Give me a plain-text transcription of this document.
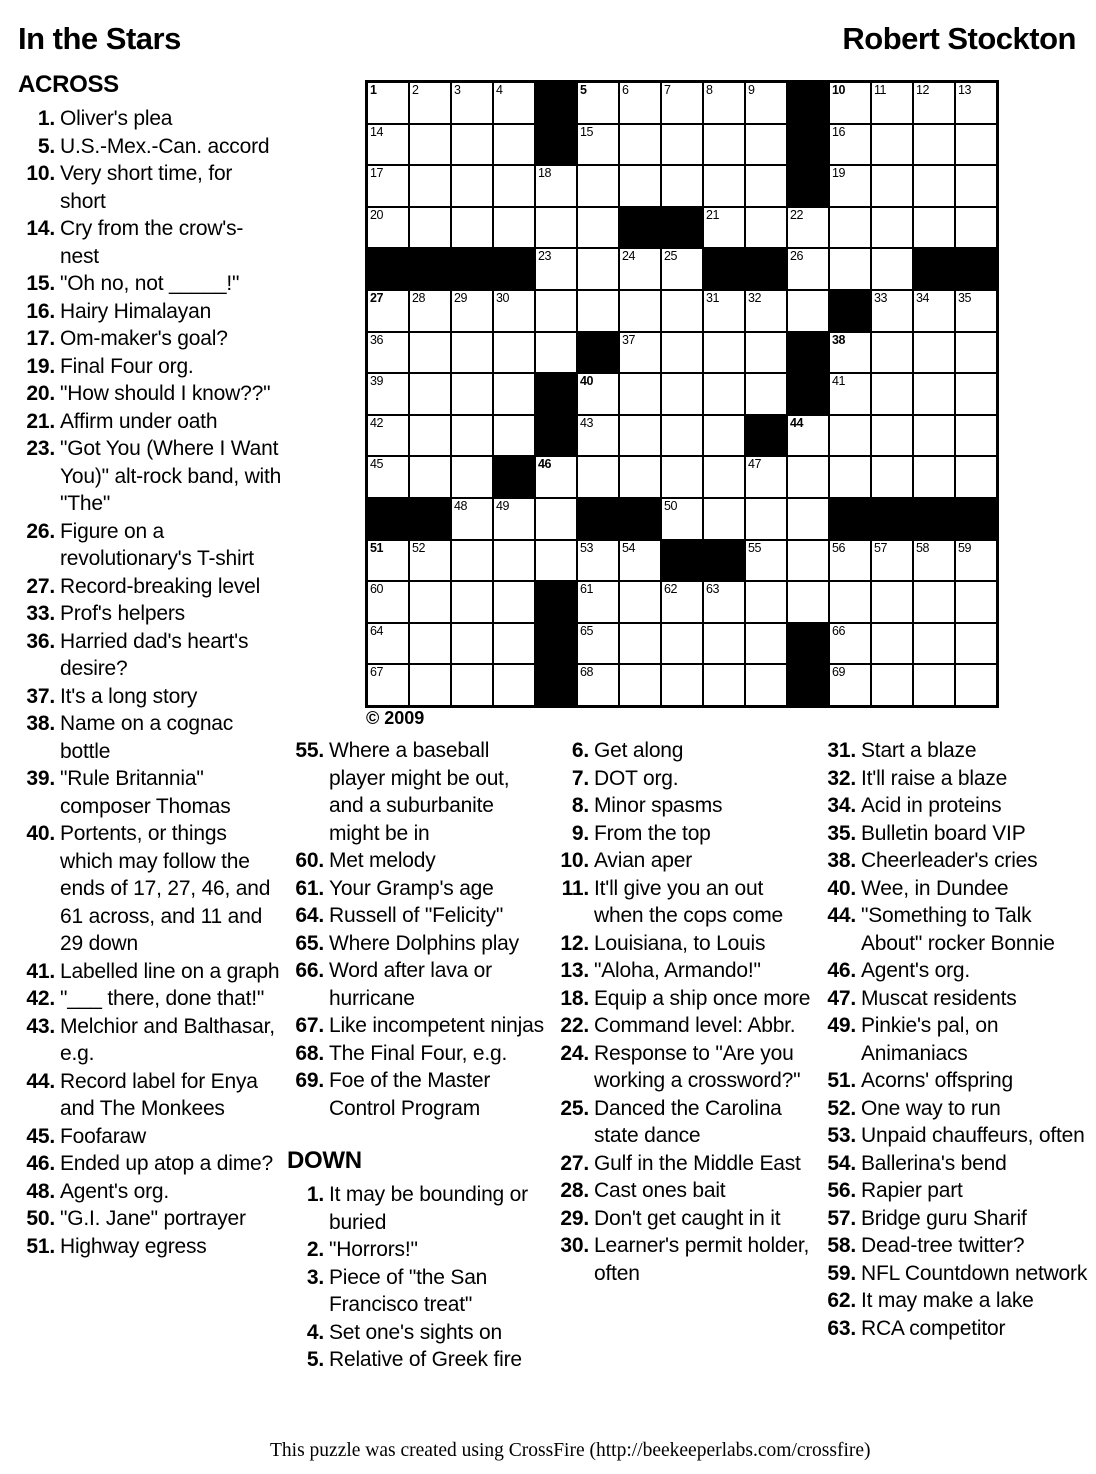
In the Stars	Robert Stockton
ACROSS
1. Oliver's plea
5. U.S.-Mex.-Can. accord
10. Very short time, for short
14. Cry from the crow's-nest
15. "Oh no, not _____!"
16. Hairy Himalayan
17. Om-maker's goal?
19. Final Four org.
20. "How should I know??"
21. Affirm under oath
23. "Got You (Where I Want You)" alt-rock band, with "The"
26. Figure on a revolutionary's T-shirt
27. Record-breaking level
33. Prof's helpers
36. Harried dad's heart's desire?
37. It's a long story
38. Name on a cognac bottle
39. "Rule Britannia" composer Thomas
40. Portents, or things which may follow the ends of 17, 27, 46, and 61 across, and 11 and 29 down
41. Labelled line on a graph
42. "___ there, done that!"
43. Melchior and Balthasar, e.g.
44. Record label for Enya and The Monkees
45. Foofaraw
46. Ended up atop a dime?
48. Agent's org.
50. "G.I. Jane" portrayer
51. Highway egress
1	2	3	4	5	6	7	8	9	10 11 12 13
14	15	16
17	18	19
20	21	22
23	24 25	26
27 28 29 30	31 32	33 34 35
36	37	38
39	40	41
42	43	44
45	46	47
48 49	50
51 52	53 54	55	56 57 58 59
60	61	62 63
64	65	66
67	68	69
© 2009
55. Where a baseball player might be out, and a suburbanite might be in
60. Met melody
61. Your Gramp's age
64. Russell of "Felicity"
65. Where Dolphins play
66. Word after lava or hurricane
67. Like incompetent ninjas
68. The Final Four, e.g.
69. Foe of the Master Control Program
DOWN
1. It may be bounding or buried
2. "Horrors!"
3. Piece of "the San Francisco treat"
4. Set one's sights on
5. Relative of Greek fire
6. Get along
7. DOT org.
8. Minor spasms
9. From the top
10. Avian aper
11. It'll give you an out when the cops come
12. Louisiana, to Louis
13. "Aloha, Armando!"
18. Equip a ship once more
22. Command level: Abbr.
24. Response to "Are you working a crossword?"
25. Danced the Carolina state dance
27. Gulf in the Middle East
28. Cast ones bait
29. Don't get caught in it
30. Learner's permit holder, often
31. Start a blaze
32. It'll raise a blaze
34. Acid in proteins
35. Bulletin board VIP
38. Cheerleader's cries
40. Wee, in Dundee
44. "Something to Talk About" rocker Bonnie
46. Agent's org.
47. Muscat residents
49. Pinkie's pal, on Animaniacs
51. Acorns' offspring
52. One way to run
53. Unpaid chauffeurs, often
54. Ballerina's bend
56. Rapier part
57. Bridge guru Sharif
58. Dead-tree twitter?
59. NFL Countdown network
62. It may make a lake
63. RCA competitor
This puzzle was created using CrossFire (http://beekeeperlabs.com/crossfire)
